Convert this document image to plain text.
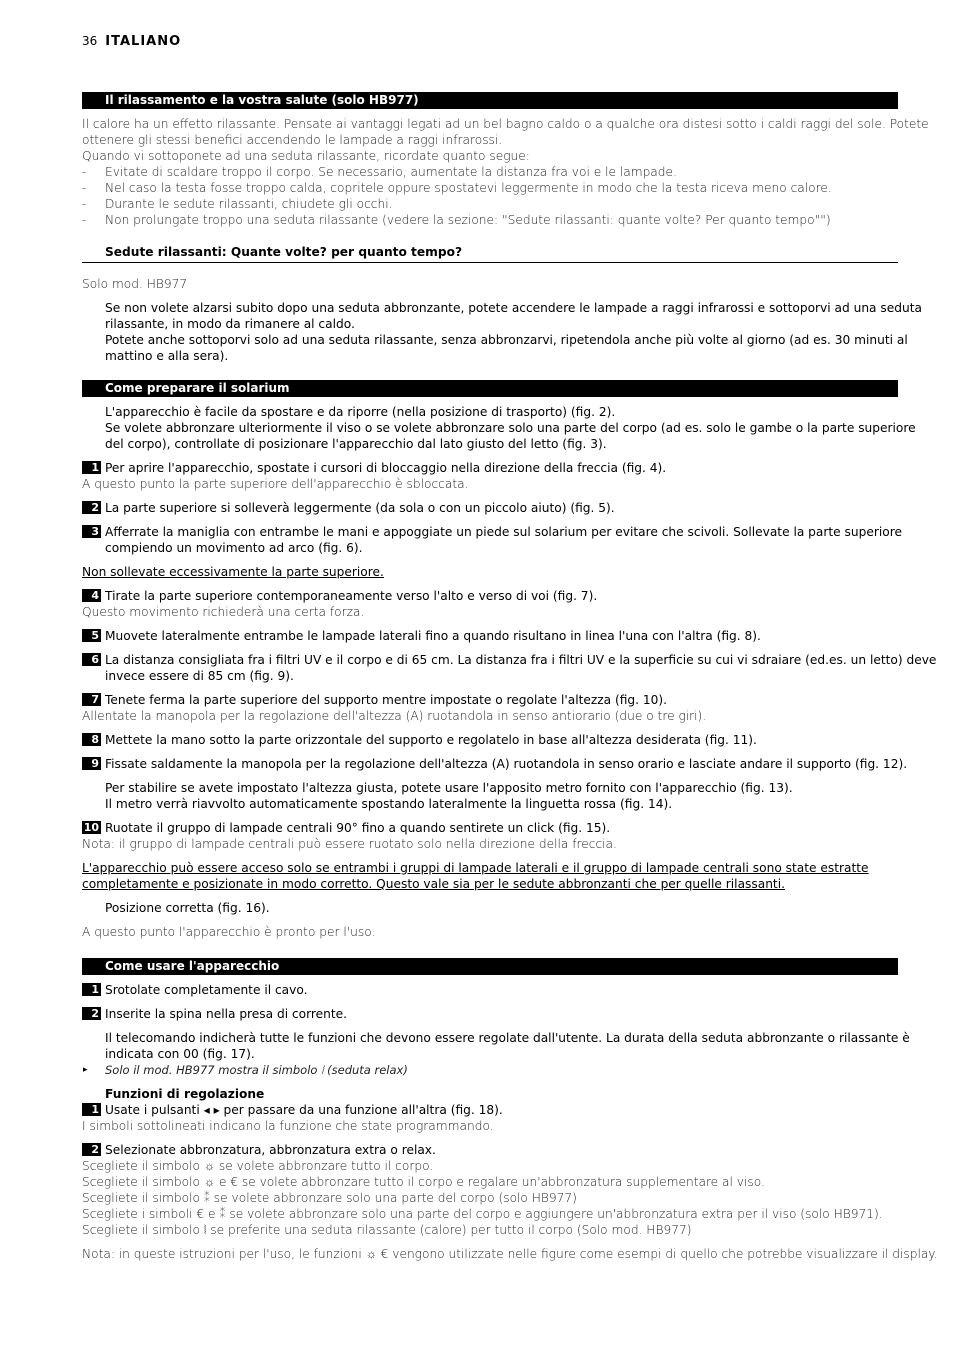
36 ITALIANO
Il rilassamento e la vostra salute (solo HB977)
Il calore ha un effetto rilassante. Pensate ai vantaggi legati ad un bel bagno caldo o a qualche ora distesi sotto i caldi raggi del sole. Potete
ottenere gli stessi benefici accendendo le lampade a raggi infrarossi.
Quando vi sottoponete ad una seduta rilassante, ricordate quanto segue:
- Evitate di scaldare troppo il corpo. Se necessario, aumentate la distanza fra voi e le lampade.
- Nel caso la testa fosse troppo calda, copritele oppure spostatevi leggermente in modo che la testa riceva meno calore.
- Durante le sedute rilassanti, chiudete gli occhi.
- Non prolungate troppo una seduta rilassante (vedere la sezione: "Sedute rilassanti: quante volte? Per quanto tempo"")
Sedute rilassanti: Quante volte? per quanto tempo?
Solo mod. HB977
Se non volete alzarsi subito dopo una seduta abbronzante, potete accendere le lampade a raggi infrarossi e sottoporvi ad una seduta
rilassante, in modo da rimanere al caldo.
Potete anche sottoporvi solo ad una seduta rilassante, senza abbronzarvi, ripetendola anche più volte al giorno (ad es. 30 minuti al
mattino e alla sera).
Come preparare il solarium
L'apparecchio è facile da spostare e da riporre (nella posizione di trasporto) (fig. 2).
Se volete abbronzare ulteriormente il viso o se volete abbronzare solo una parte del corpo (ad es. solo le gambe o la parte superiore
del corpo), controllate di posizionare l'apparecchio dal lato giusto del letto (fig. 3).
1 Per aprire l'apparecchio, spostate i cursori di bloccaggio nella direzione della freccia (fig. 4).
A questo punto la parte superiore dell'apparecchio è sbloccata.
2 La parte superiore si solleverà leggermente (da sola o con un piccolo aiuto) (fig. 5).
3 Afferrate la maniglia con entrambe le mani e appoggiate un piede sul solarium per evitare che scivoli. Sollevate la parte superiore
compiendo un movimento ad arco (fig. 6).
Non sollevate eccessivamente la parte superiore.
4 Tirate la parte superiore contemporaneamente verso l'alto e verso di voi (fig. 7).
Questo movimento richiederà una certa forza.
5 Muovete lateralmente entrambe le lampade laterali fino a quando risultano in linea l'una con l'altra (fig. 8).
6 La distanza consigliata fra i filtri UV e il corpo e di 65 cm. La distanza fra i filtri UV e la superficie su cui vi sdraiare (ed.es. un letto) deve
invece essere di 85 cm (fig. 9).
7 Tenete ferma la parte superiore del supporto mentre impostate o regolate l'altezza (fig. 10).
Allentate la manopola per la regolazione dell'altezza (A) ruotandola in senso antiorario (due o tre giri).
8 Mettete la mano sotto la parte orizzontale del supporto e regolatelo in base all'altezza desiderata (fig. 11).
9 Fissate saldamente la manopola per la regolazione dell'altezza (A) ruotandola in senso orario e lasciate andare il supporto (fig. 12).
Per stabilire se avete impostato l'altezza giusta, potete usare l'apposito metro fornito con l'apparecchio (fig. 13).
Il metro verrà riavvolto automaticamente spostando lateralmente la linguetta rossa (fig. 14).
10 Ruotate il gruppo di lampade centrali 90° fino a quando sentirete un click (fig. 15).
Nota: il gruppo di lampade centrali può essere ruotato solo nella direzione della freccia.
L'apparecchio può essere acceso solo se entrambi i gruppi di lampade laterali e il gruppo di lampade centrali sono state estratte
completamente e posizionate in modo corretto. Questo vale sia per le sedute abbronzanti che per quelle rilassanti.
Posizione corretta (fig. 16).
A questo punto l'apparecchio è pronto per l'uso.
Come usare l'apparecchio
1 Srotolate completamente il cavo.
2 Inserite la spina nella presa di corrente.
Il telecomando indicherà tutte le funzioni che devono essere regolate dall'utente. La durata della seduta abbronzante o rilassante è
indicata con 00 (fig. 17).
▸ Solo il mod. HB977 mostra il simbolo ⦚ (seduta relax)
Funzioni di regolazione
1 Usate i pulsanti ◂ ▸ per passare da una funzione all'altra (fig. 18).
I simboli sottolineati indicano la funzione che state programmando.
2 Selezionate abbronzatura, abbronzatura extra o relax.
Scegliete il simbolo ☼ se volete abbronzare tutto il corpo.
Scegliete il simbolo ☼ e € se volete abbronzare tutto il corpo e regalare un'abbronzatura supplementare al viso.
Scegliete il simbolo ⁑ se volete abbronzare solo una parte del corpo (solo HB977)
Scegliete i simboli € e ⁑ se volete abbronzare solo una parte del corpo e aggiungere un'abbronzatura extra per il viso (solo HB971).
Scegliete il simbolo ⦚ se preferite una seduta rilassante (calore) per tutto il corpo (Solo mod. HB977)
Nota: in queste istruzioni per l'uso, le funzioni ☼ € vengono utilizzate nelle figure come esempi di quello che potrebbe visualizzare il display.
